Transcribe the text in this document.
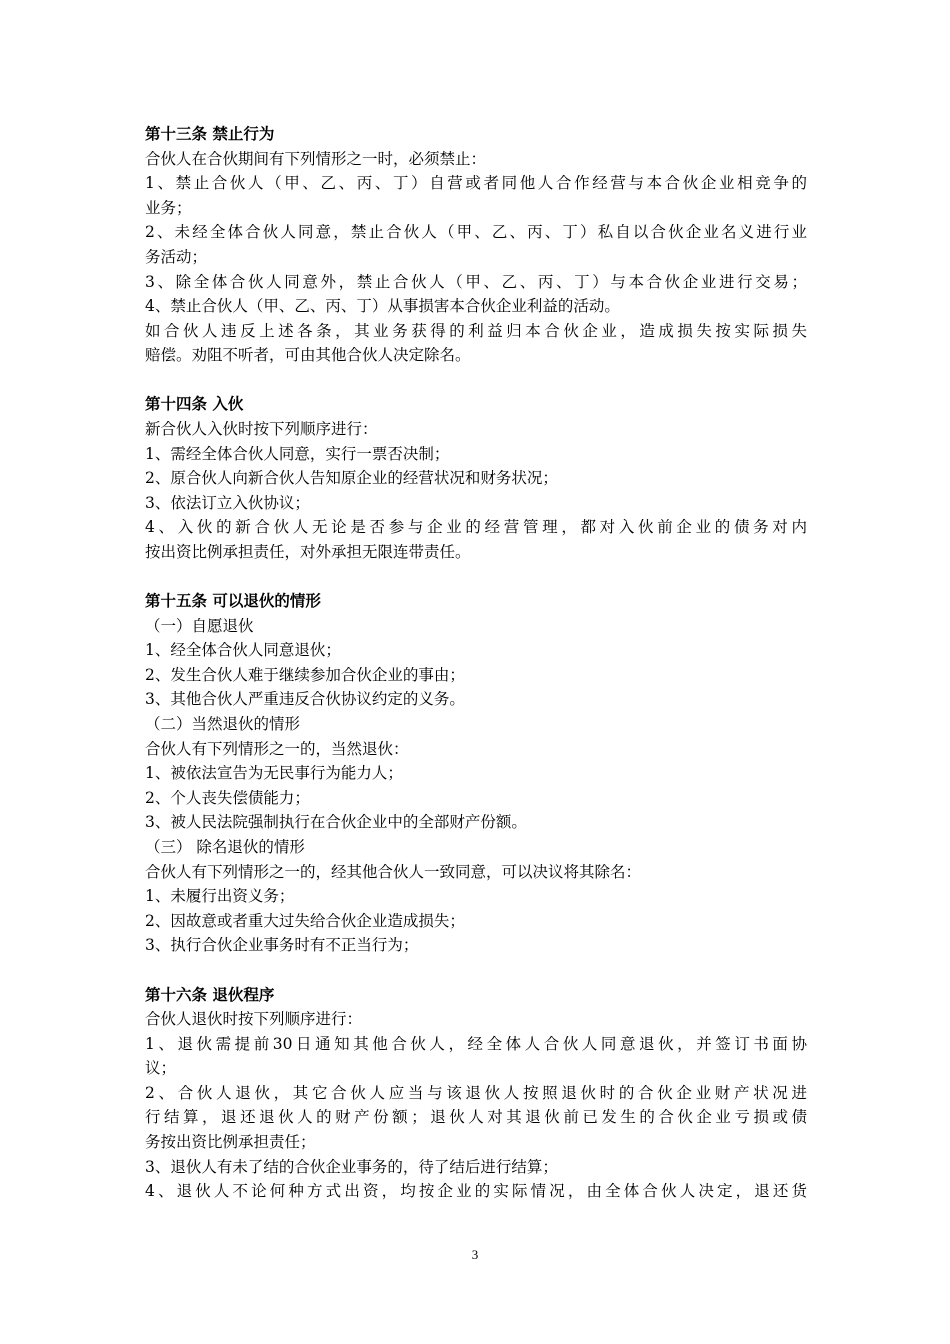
第十三条 禁止行为
合伙人在合伙期间有下列情形之一时，必须禁止：
1、禁止合伙人（甲、乙、丙、丁）自营或者同他人合作经营与本合伙企业相竞争的
业务；
2、未经全体合伙人同意，禁止合伙人（甲、乙、丙、丁）私自以合伙企业名义进行业
务活动；
3、除全体合伙人同意外，禁止合伙人（甲、乙、丙、丁）与本合伙企业进行交易；
4、禁止合伙人（甲、乙、丙、丁）从事损害本合伙企业利益的活动。
如合伙人违反上述各条，其业务获得的利益归本合伙企业，造成损失按实际损失
赔偿。劝阻不听者，可由其他合伙人决定除名。
第十四条 入伙
新合伙人入伙时按下列顺序进行：
1、需经全体合伙人同意，实行一票否决制；
2、原合伙人向新合伙人告知原企业的经营状况和财务状况；
3、依法订立入伙协议；
4、入伙的新合伙人无论是否参与企业的经营管理，都对入伙前企业的债务对内
按出资比例承担责任，对外承担无限连带责任。
第十五条 可以退伙的情形
（一）自愿退伙
1、经全体合伙人同意退伙；
2、发生合伙人难于继续参加合伙企业的事由；
3、其他合伙人严重违反合伙协议约定的义务。
（二）当然退伙的情形
合伙人有下列情形之一的，当然退伙：
1、被依法宣告为无民事行为能力人；
2、个人丧失偿债能力；
3、被人民法院强制执行在合伙企业中的全部财产份额。
（三） 除名退伙的情形
合伙人有下列情形之一的，经其他合伙人一致同意，可以决议将其除名：
1、未履行出资义务；
2、因故意或者重大过失给合伙企业造成损失；
3、执行合伙企业事务时有不正当行为；
第十六条 退伙程序
合伙人退伙时按下列顺序进行：
1、退伙需提前30日通知其他合伙人，经全体人合伙人同意退伙，并签订书面协
议；
2、合伙人退伙，其它合伙人应当与该退伙人按照退伙时的合伙企业财产状况进
行结算，退还退伙人的财产份额；退伙人对其退伙前已发生的合伙企业亏损或债
务按出资比例承担责任；
3、退伙人有未了结的合伙企业事务的，待了结后进行结算；
4、退伙人不论何种方式出资，均按企业的实际情况，由全体合伙人决定，退还货
3
